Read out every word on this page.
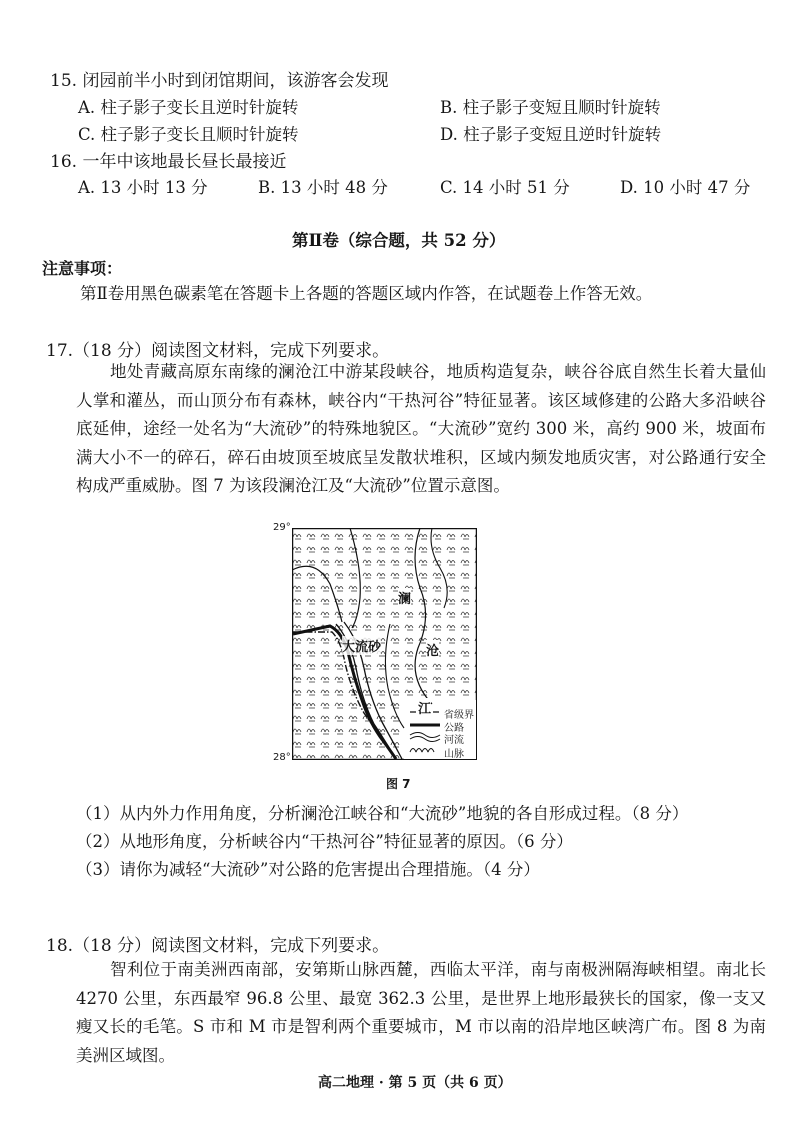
15. 闭园前半小时到闭馆期间，该游客会发现
A. 柱子影子变长且逆时针旋转	B. 柱子影子变短且顺时针旋转
C. 柱子影子变长且顺时针旋转	D. 柱子影子变短且逆时针旋转
16. 一年中该地最长昼长最接近
A. 13 小时 13 分	B. 13 小时 48 分	C. 14 小时 51 分	D. 10 小时 47 分
第Ⅱ卷（综合题，共 52 分）
注意事项：
第Ⅱ卷用黑色碳素笔在答题卡上各题的答题区域内作答，在试题卷上作答无效。
17.（18 分）阅读图文材料，完成下列要求。
地处青藏高原东南缘的澜沧江中游某段峡谷，地质构造复杂，峡谷谷底自然生长着大量仙人掌和灌丛，而山顶分布有森林，峡谷内“干热河谷”特征显著。该区域修建的公路大多沿峡谷底延伸，途经一处名为“大流砂”的特殊地貌区。“大流砂”宽约 300 米，高约 900 米，坡面布满大小不一的碎石，碎石由坡顶至坡底呈发散状堆积，区域内频发地质灾害，对公路通行安全构成严重威胁。图 7 为该段澜沧江及“大流砂”位置示意图。
29°
28°
大流砂
澜
沧
江 省级界
公路
河流
山脉
图 7
（1）从内外力作用角度，分析澜沧江峡谷和“大流砂”地貌的各自形成过程。（8 分）
（2）从地形角度，分析峡谷内“干热河谷”特征显著的原因。（6 分）
（3）请你为减轻“大流砂”对公路的危害提出合理措施。（4 分）
18.（18 分）阅读图文材料，完成下列要求。
智利位于南美洲西南部，安第斯山脉西麓，西临太平洋，南与南极洲隔海峡相望。南北长 4270 公里，东西最窄 96.8 公里、最宽 362.3 公里，是世界上地形最狭长的国家，像一支又瘦又长的毛笔。S 市和 M 市是智利两个重要城市，M 市以南的沿岸地区峡湾广布。图 8 为南美洲区域图。
高二地理 · 第 5 页（共 6 页）
